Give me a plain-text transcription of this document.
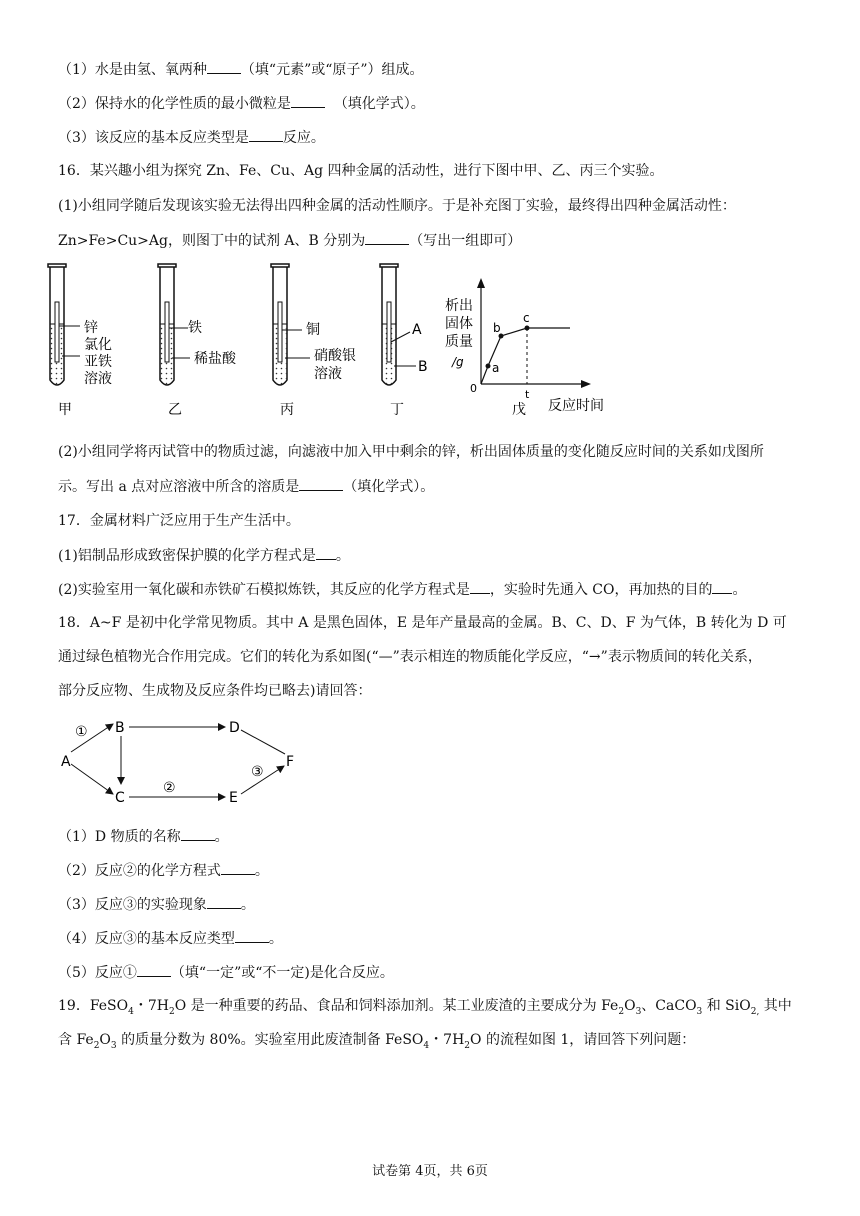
（1）水是由氢、氧两种 （填“元素”或“原子”）组成。
（2）保持水的化学性质的最小微粒是	（填化学式）。
（3）该反应的基本反应类型是 反应。
16．某兴趣小组为探究 Zn、Fe、Cu、Ag 四种金属的活动性，进行下图中甲、乙、丙三个实验。
(1)小组同学随后发现该实验无法得出四种金属的活动性顺序。于是补充图丁实验，最终得出四种金属活动性：
Zn>Fe>Cu>Ag，则图丁中的试剂 A、B 分别为	（写出一组即可）
锌
氯化
亚铁
溶液
甲
铁
稀盐酸
乙
铜
硝酸银
溶液
丙
A
B
丁
析出
固体
质量
/g
0
a
b
c
t
戊 反应时间
(2)小组同学将丙试管中的物质过滤，向滤液中加入甲中剩余的锌，析出固体质量的变化随反应时间的关系如戊图所
示。写出 a 点对应溶液中所含的溶质是	（填化学式）。
17．金属材料广泛应用于生产生活中。
(1)铝制品形成致密保护膜的化学方程式是 。
(2)实验室用一氧化碳和赤铁矿石模拟炼铁，其反应的化学方程式是 ，实验时先通入 CO，再加热的目的 。
18．A~F 是初中化学常见物质。其中 A 是黑色固体，E 是年产量最高的金属。B、C、D、F 为气体，B 转化为 D 可
通过绿色植物光合作用完成。它们的转化为系如图(“—”表示相连的物质能化学反应，“→”表示物质间的转化关系，
部分反应物、生成物及反应条件均已略去)请回答：
A
B
C
D
E
F
①
②
③
（1）D 物质的名称 。
（2）反应②的化学方程式 。
（3）反应③的实验现象 。
（4）反应③的基本反应类型 。
（5）反应① （填“一定”或“不一定)是化合反应。
19．FeSO$_4$・$7H_2O$ 是一种重要的药品、食品和饲料添加剂。某工业废渣的主要成分为 $Fe_2O_3$、CaCO$_3$ 和 SiO$_{2,}$ 其中
含 $Fe_2O_3$ 的质量分数为 80%。实验室用此废渣制备 FeSO$_4$・$7H_2O$ 的流程如图 1，请回答下列问题：
试卷第 4页，共 6页
